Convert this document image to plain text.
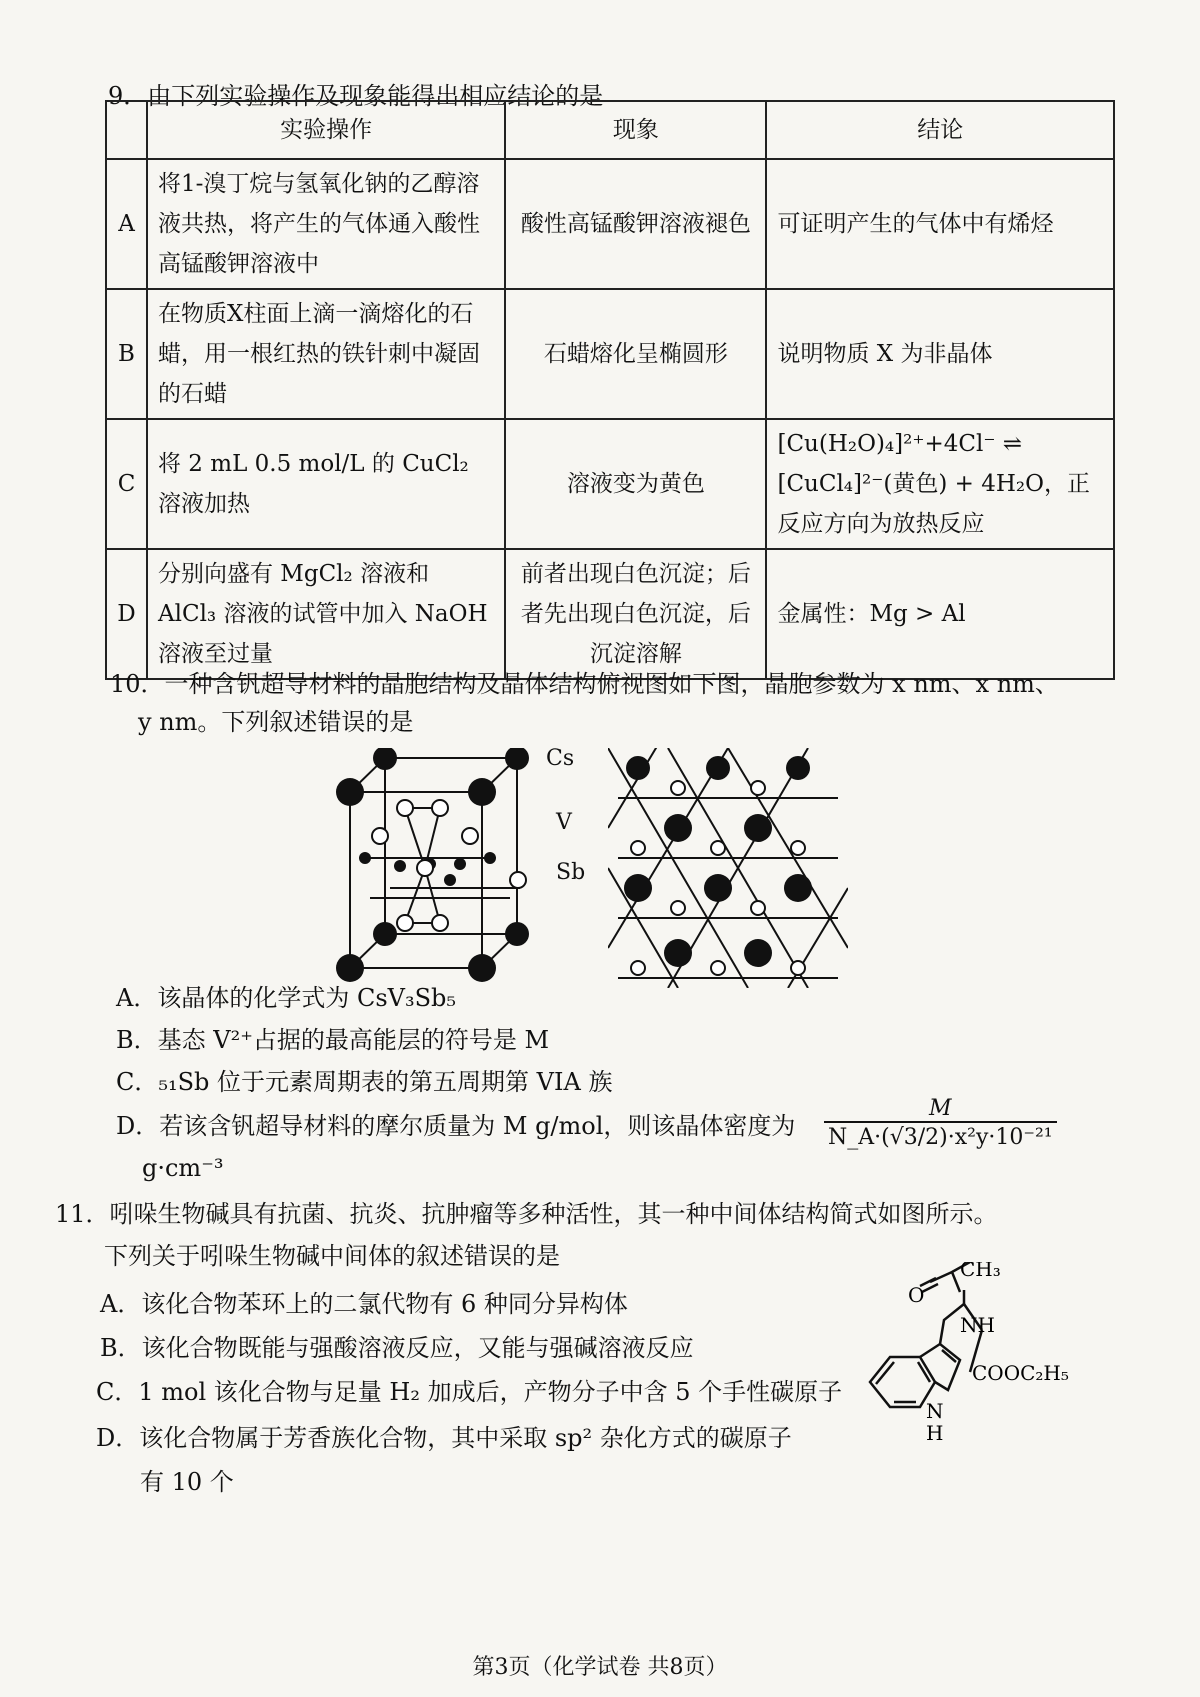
9．由下列实验操作及现象能得出相应结论的是
	实验操作	现象	结论
A	将1-溴丁烷与氢氧化钠的乙醇溶液共热，将产生的气体通入酸性高锰酸钾溶液中	酸性高锰酸钾溶液褪色	可证明产生的气体中有烯烃
B	在物质X柱面上滴一滴熔化的石蜡，用一根红热的铁针刺中凝固的石蜡	石蜡熔化呈椭圆形	说明物质 X 为非晶体
C	将 2 mL 0.5 mol/L 的 CuCl₂ 溶液加热	溶液变为黄色	[Cu(H₂O)₄]²⁺+4Cl⁻ ⇌ [CuCl₄]²⁻(黄色) + 4H₂O，正反应方向为放热反应
D	分别向盛有 MgCl₂ 溶液和 AlCl₃ 溶液的试管中加入 NaOH 溶液至过量	前者出现白色沉淀；后者先出现白色沉淀，后沉淀溶解	金属性：Mg > Al
10．一种含钒超导材料的晶胞结构及晶体结构俯视图如下图，晶胞参数为 x nm、x nm、
y nm。下列叙述错误的是
Cs
V
Sb
A．该晶体的化学式为 CsV₃Sb₅
B．基态 V²⁺占据的最高能层的符号是 M
C．₅₁Sb 位于元素周期表的第五周期第 VIA 族
D．若该含钒超导材料的摩尔质量为 M g/mol，则该晶体密度为 $\frac{M}{\text{N\_A·(√3/2)·x²y·10⁻²¹}}$
g·cm⁻³
11．吲哚生物碱具有抗菌、抗炎、抗肿瘤等多种活性，其一种中间体结构简式如图所示。
下列关于吲哚生物碱中间体的叙述错误的是
A．该化合物苯环上的二氯代物有 6 种同分异构体
B．该化合物既能与强酸溶液反应，又能与强碱溶液反应
C．1 mol 该化合物与足量 H₂ 加成后，产物分子中含 5 个手性碳原子
D．该化合物属于芳香族化合物，其中采取 sp² 杂化方式的碳原子
有 10 个
CH₃
O
NH
COOC₂H₅
N
H
第3页（化学试卷 共8页）
